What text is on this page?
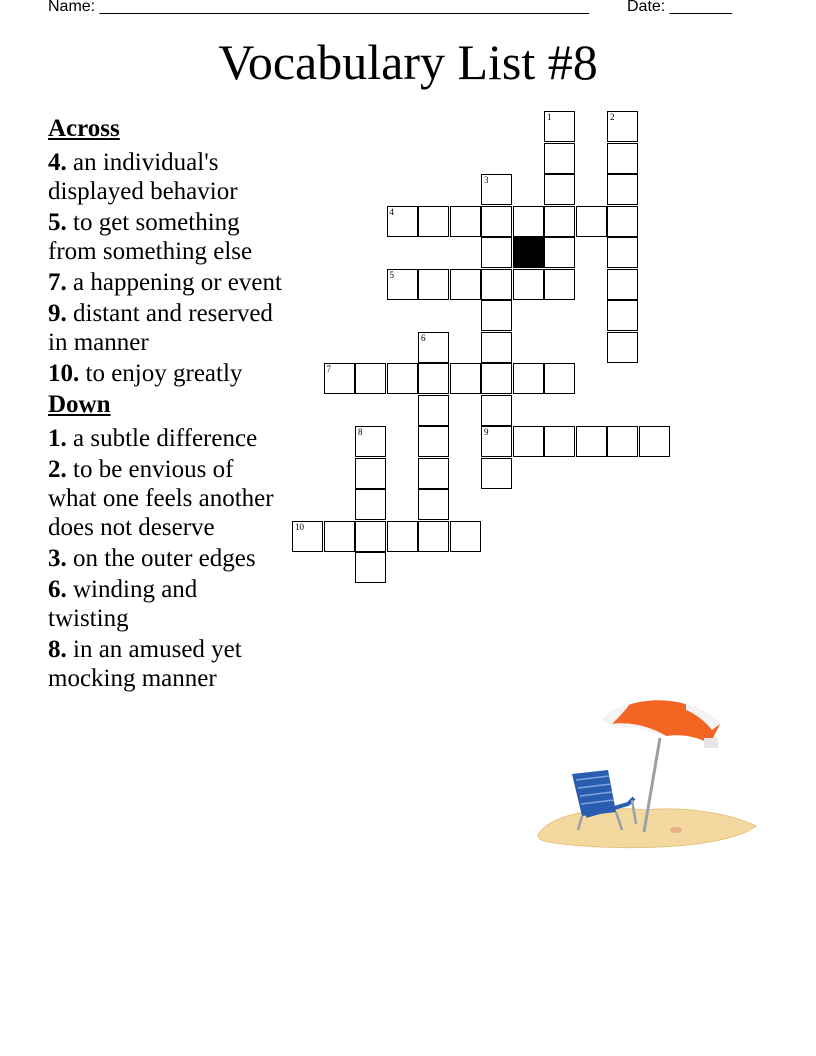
Name: _______________________________________________________ Date: _______
Vocabulary List #8
Across
4. an individual's displayed behavior
5. to get something from something else
7. a happening or event
9. distant and reserved in manner
10. to enjoy greatly
Down
1. a subtle difference
2. to be envious of what one feels another does not deserve
3. on the outer edges
6. winding and twisting
8. in an amused yet mocking manner
1	2
3
4
5
6
7
8	9
10
